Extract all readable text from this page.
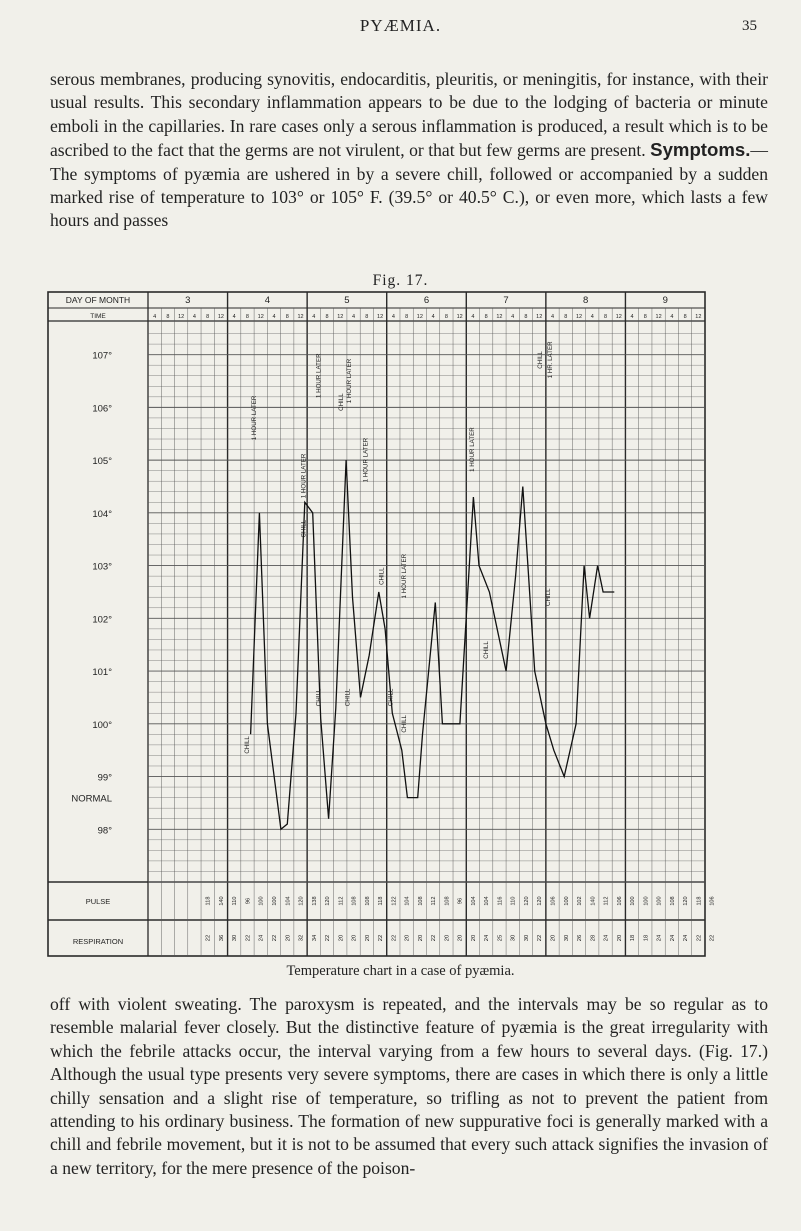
PYÆMIA.	35

serous membranes, producing synovitis, endocarditis, pleuritis, or meningitis, for instance, with their usual results. This secondary inflammation appears to be due to the lodging of bacteria or minute emboli in the capillaries. In rare cases only a serous inflammation is produced, a result which is to be ascribed to the fact that the germs are not virulent, or that but few germs are present. Symptoms.—The symptoms of pyæmia are ushered in by a severe chill, followed or accompanied by a sudden marked rise of temperature to 103° or 105° F. (39.5° or 40.5° C.), or even more, which lasts a few hours and passes

Fig. 17.
DAY OF MONTH
TIME
3
4 8 12 4 8 12
4
4 8 12 4 8 12
5
4 8 12 4 8 12
6
4 8 12 4 8 12
7
4 8 12 4 8 12
8
4 8 12 4 8 12
9
4 8 12 4 8 12
107°
106°
105°
104°
103°
102°
101°
100°
99°
NORMAL
98°
CHILL
1 HOUR LATER
CHILL
1 HOUR LATER
1 HOUR LATER
CHILL
CHILL 1 HOUR LATER
CHILL
1 HOUR LATER
CHILL
CHILL
CHILL
1 HOUR LATER
1 HOUR LATER
CHILL
CHILL 1 HR. LATER
CHILL
PULSE
RESPIRATION
118 140 110 96 100 100 104 120 138 120 112 108 108 118 122 104 108 112 108 96 104 104 116 110 120 120 106 100 102 140 112 106 100 100 100 108 120 118 106
22 36 30 22 24 22 20 32 34 22 20 20 20 22 22 20 20 22 20 20 20 24 25 30 30 22 20 30 26 28 24 20 18 18 24 24 24 22 22
Temperature chart in a case of pyæmia.

off with violent sweating. The paroxysm is repeated, and the intervals may be so regular as to resemble malarial fever closely. But the distinctive feature of pyæmia is the great irregularity with which the febrile attacks occur, the interval varying from a few hours to several days. (Fig. 17.) Although the usual type presents very severe symptoms, there are cases in which there is only a little chilly sensation and a slight rise of temperature, so trifling as not to prevent the patient from attending to his ordinary business. The formation of new suppurative foci is generally marked with a chill and febrile movement, but it is not to be assumed that every such attack signifies the invasion of a new territory, for the mere presence of the poison-
